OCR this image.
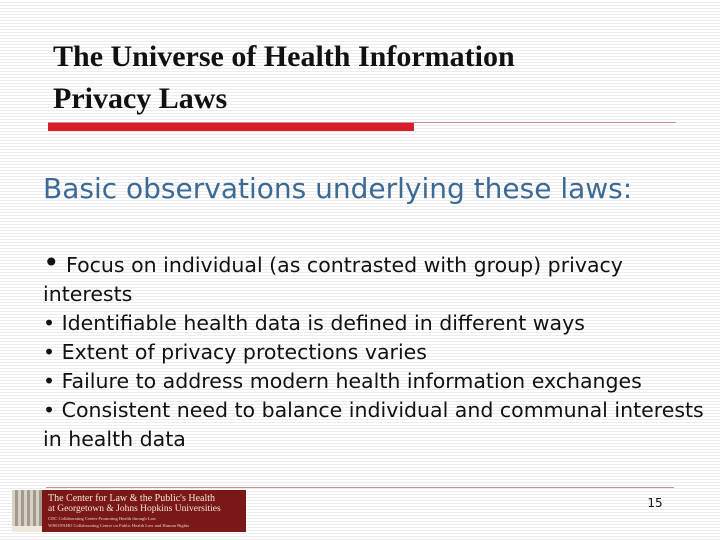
The Universe of Health Information
Privacy Laws

Basic observations underlying these laws:

• Focus on individual (as contrasted with group) privacy interests
• Identifiable health data is defined in different ways
• Extent of privacy protections varies
• Failure to address modern health information exchanges
• Consistent need to balance individual and communal interests in health data
The Center for Law & the Public's Health
at Georgetown & Johns Hopkins Universities
CDC Collaborating Center Promoting Health through Law
WHO/PAHO Collaborating Center on Public Health Law and Human Rights
15
